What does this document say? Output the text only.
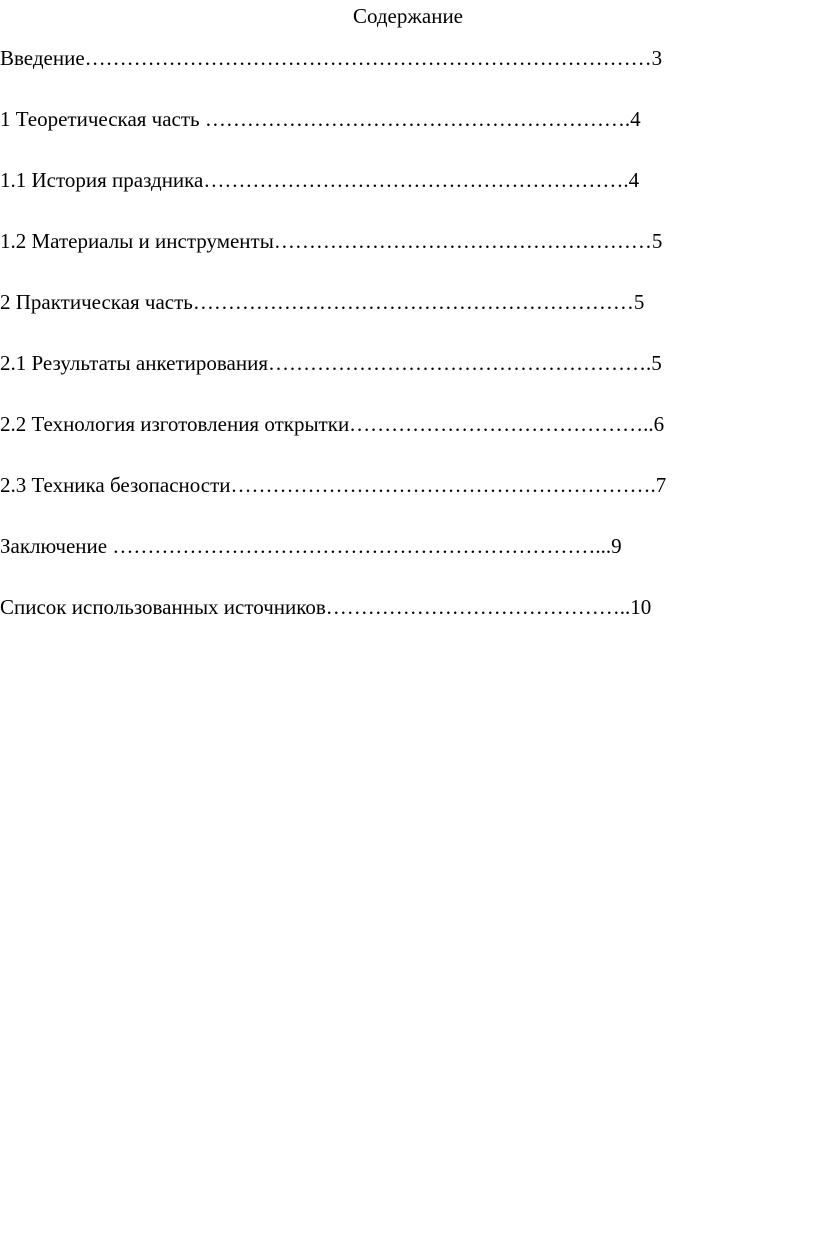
Содержание
Введение………………………………………………………………………3
1 Теоретическая часть …………………………………………………….4
1.1 История праздника…………………………………………………….4
1.2 Материалы и инструменты………………………………………………5
2 Практическая часть………………………………………………………5
2.1 Результаты анкетирования……………………………………………….5
2.2 Технология изготовления открытки……………………………………..6
2.3 Техника безопасности…………………………………………………….7
Заключение ……………………………………………………………...9
Список использованных источников……………………………………..10
